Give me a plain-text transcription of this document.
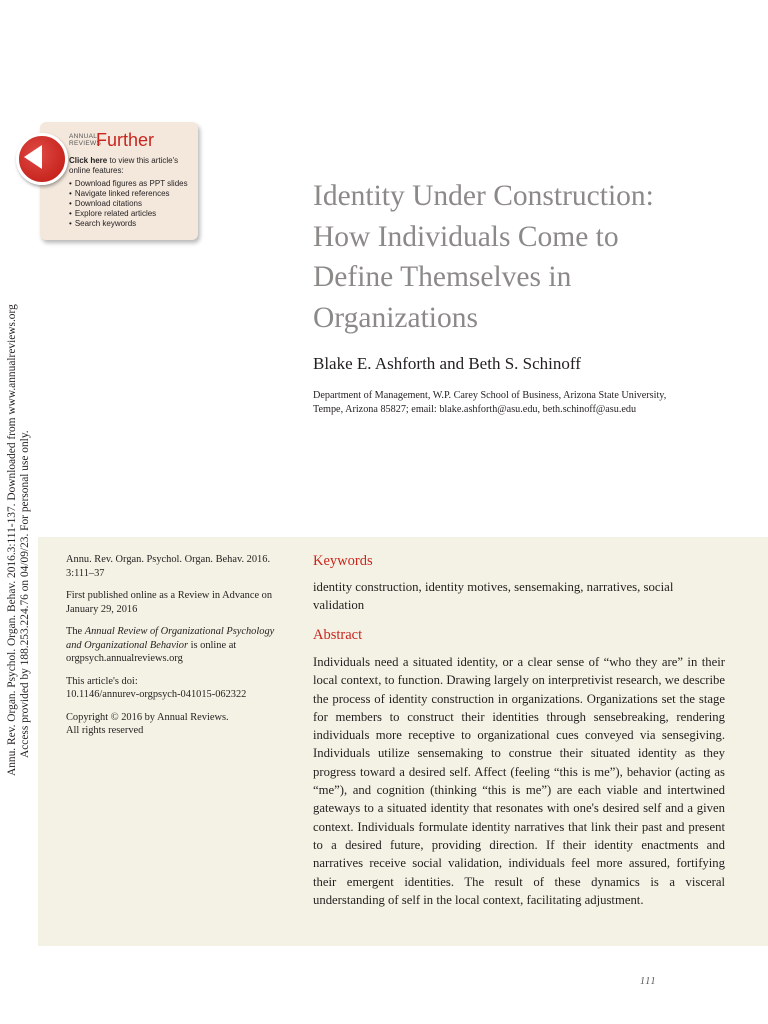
Annu. Rev. Organ. Psychol. Organ. Behav. 2016.3:111-137. Downloaded from www.annualreviews.org Access provided by 188.253.224.76 on 04/09/23. For personal use only.
ANNUAL
REVIEWS
Further
Click here to view this article's online features:
• Download figures as PPT slides
• Navigate linked references
• Download citations
• Explore related articles
• Search keywords
Identity Under Construction:
How Individuals Come to
Define Themselves in
Organizations
Blake E. Ashforth and Beth S. Schinoff
Department of Management, W.P. Carey School of Business, Arizona State University,
Tempe, Arizona 85827; email: blake.ashforth@asu.edu, beth.schinoff@asu.edu

Annu. Rev. Organ. Psychol. Organ. Behav. 2016. 3:111–37

First published online as a Review in Advance on January 29, 2016

The Annual Review of Organizational Psychology and Organizational Behavior is online at orgpsych.annualreviews.org

This article's doi:
10.1146/annurev-orgpsych-041015-062322

Copyright © 2016 by Annual Reviews.
All rights reserved

Keywords
identity construction, identity motives, sensemaking, narratives, social validation
Abstract
Individuals need a situated identity, or a clear sense of “who they are” in their local context, to function. Drawing largely on interpretivist research, we describe the process of identity construction in organizations. Organizations set the stage for members to construct their identities through sensebreaking, rendering individuals more receptive to organizational cues conveyed via sensegiving. Individuals utilize sensemaking to construe their situated identity as they progress toward a desired self. Affect (feeling “this is me”), behavior (acting as “me”), and cognition (thinking “this is me”) are each viable and intertwined gateways to a situated identity that resonates with one's desired self and a given context. Individuals formulate identity narratives that link their past and present to a desired future, providing direction. If their identity enactments and narratives receive social validation, individuals feel more assured, fortifying their emergent identities. The result of these dynamics is a visceral understanding of self in the local context, facilitating adjustment.
111
